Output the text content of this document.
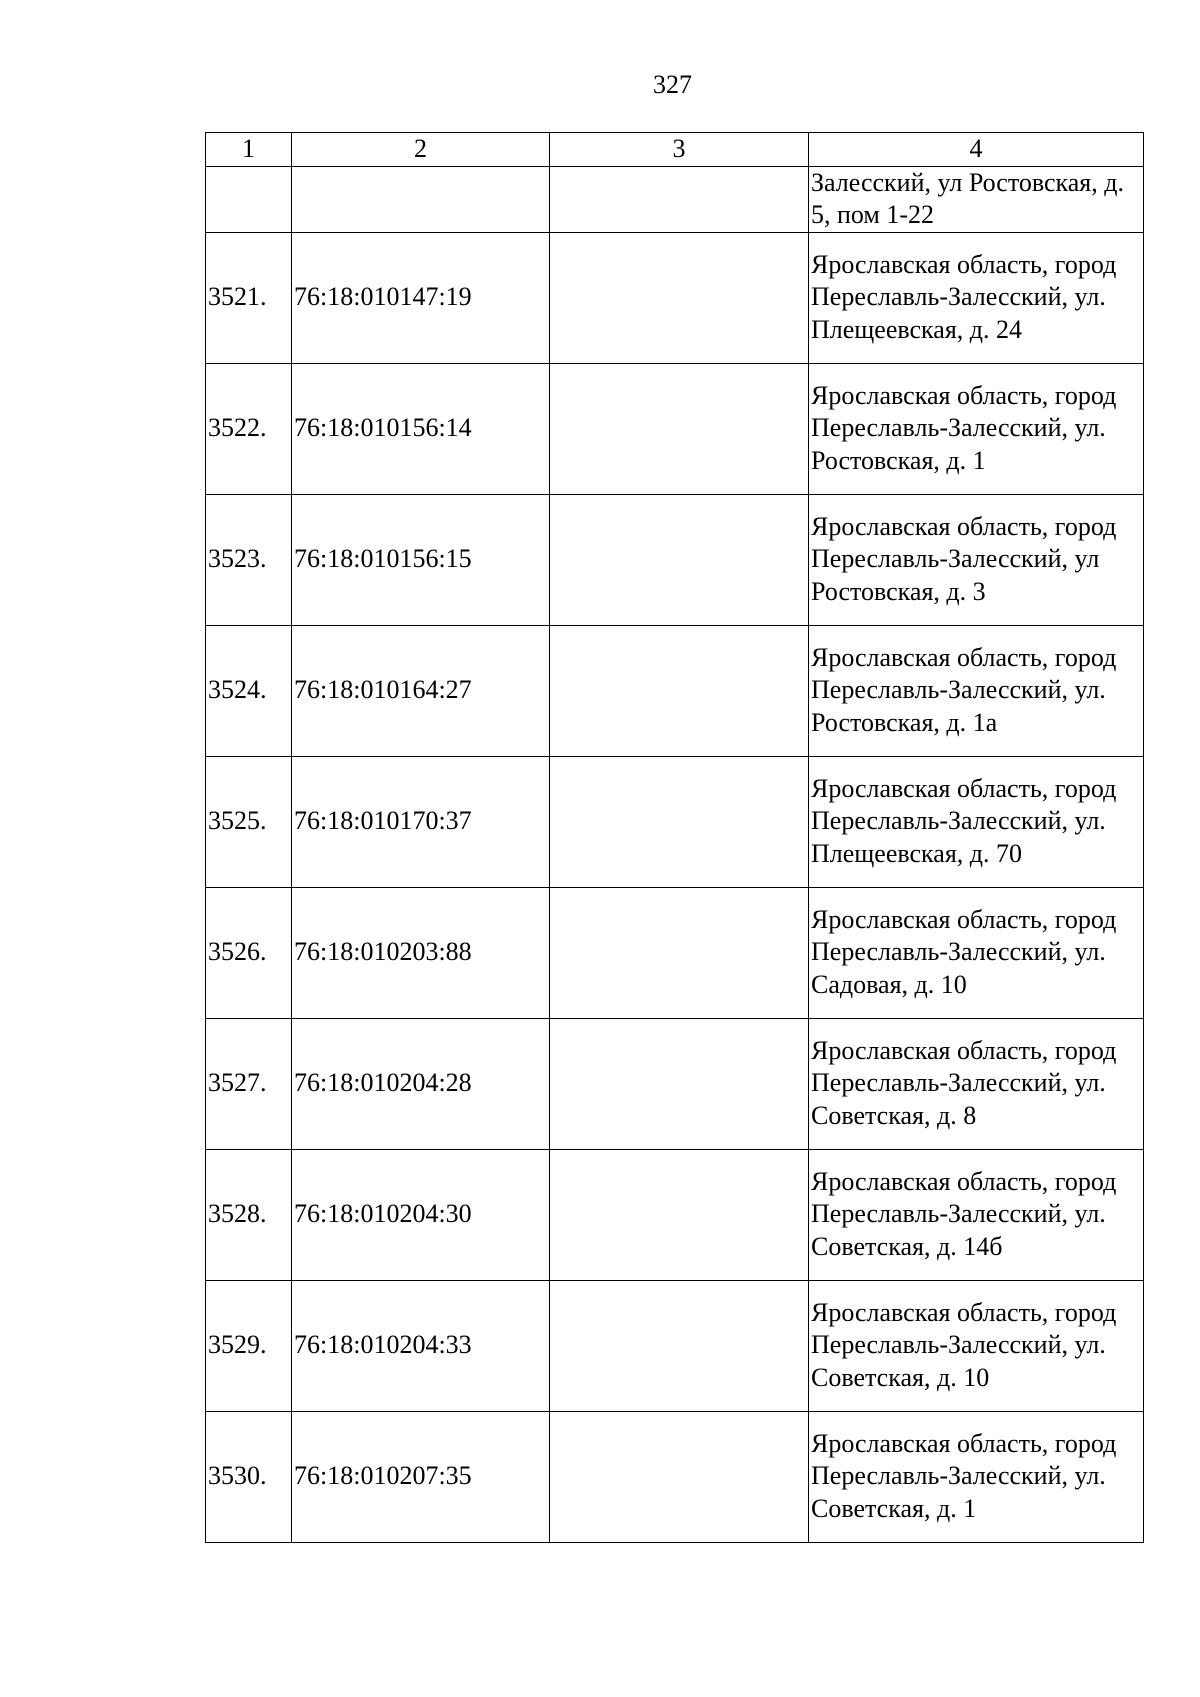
327
1	2	3	4
			Залесский, ул Ростовская, д. 5, пом 1-22
3521.	76:18:010147:19		Ярославская область, город Переславль-Залесский, ул. Плещеевская, д. 24
3522.	76:18:010156:14		Ярославская область, город Переславль-Залесский, ул. Ростовская, д. 1
3523.	76:18:010156:15		Ярославская область, город Переславль-Залесский, ул Ростовская, д. 3
3524.	76:18:010164:27		Ярославская область, город Переславль-Залесский, ул. Ростовская, д. 1а
3525.	76:18:010170:37		Ярославская область, город Переславль-Залесский, ул. Плещеевская, д. 70
3526.	76:18:010203:88		Ярославская область, город Переславль-Залесский, ул. Садовая, д. 10
3527.	76:18:010204:28		Ярославская область, город Переславль-Залесский, ул. Советская, д. 8
3528.	76:18:010204:30		Ярославская область, город Переславль-Залесский, ул. Советская, д. 14б
3529.	76:18:010204:33		Ярославская область, город Переславль-Залесский, ул. Советская, д. 10
3530.	76:18:010207:35		Ярославская область, город Переславль-Залесский, ул. Советская, д. 1
